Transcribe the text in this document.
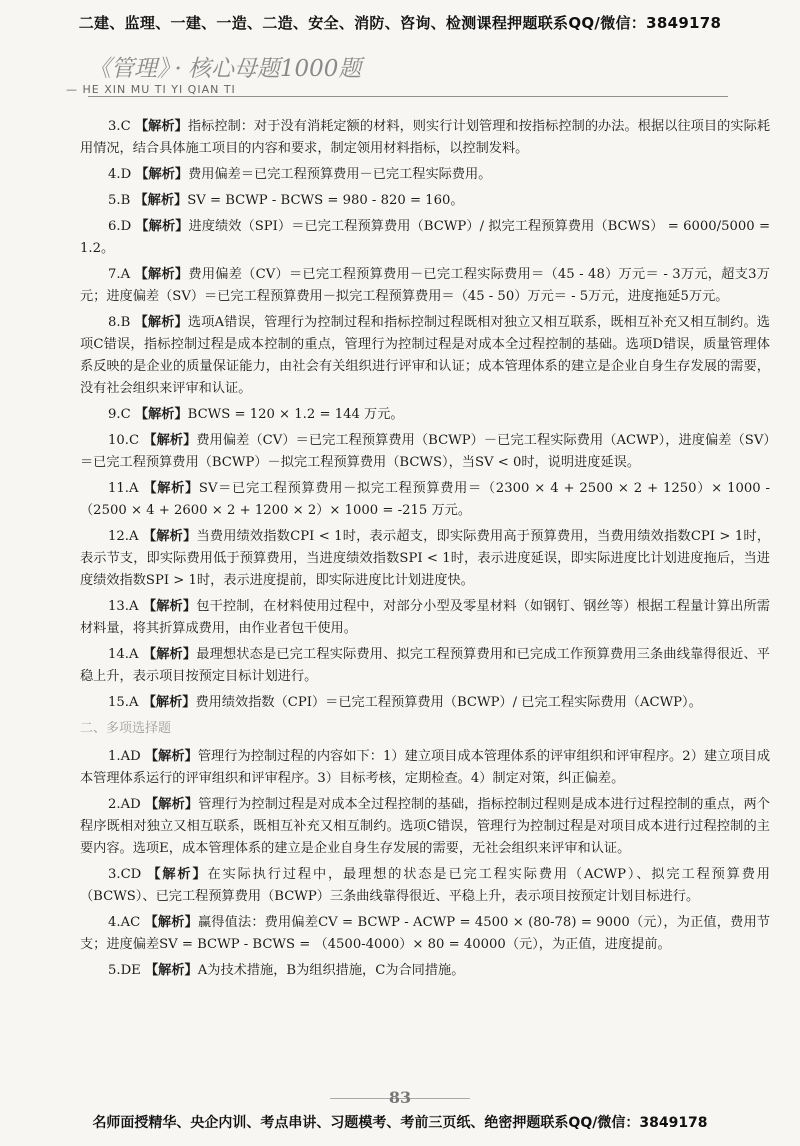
二建、监理、一建、一造、二造、安全、消防、咨询、检测课程押题联系QQ/微信：3849178
《管理》 · 核心母题1000题
— HE XIN MU TI YI QIAN TI

3.C 【解析】指标控制：对于没有消耗定额的材料，则实行计划管理和按指标控制的办法。根据以往项目的实际耗用情况，结合具体施工项目的内容和要求，制定领用材料指标，以控制发料。

4.D 【解析】费用偏差＝已完工程预算费用－已完工程实际费用。

5.B 【解析】SV = BCWP - BCWS = 980 - 820 = 160。

6.D 【解析】进度绩效（SPI）＝已完工程预算费用（BCWP）/ 拟完工程预算费用（BCWS） = 6000/5000 = 1.2。

7.A 【解析】费用偏差（CV）＝已完工程预算费用－已完工程实际费用＝（45 - 48）万元＝ - 3万元，超支3万元；进度偏差（SV）＝已完工程预算费用－拟完工程预算费用＝（45 - 50）万元＝ - 5万元，进度拖延5万元。

8.B 【解析】选项A错误，管理行为控制过程和指标控制过程既相对独立又相互联系，既相互补充又相互制约。选项C错误，指标控制过程是成本控制的重点，管理行为控制过程是对成本全过程控制的基础。选项D错误，质量管理体系反映的是企业的质量保证能力，由社会有关组织进行评审和认证；成本管理体系的建立是企业自身生存发展的需要，没有社会组织来评审和认证。

9.C 【解析】BCWS = 120 × 1.2 = 144 万元。

10.C 【解析】费用偏差（CV）＝已完工程预算费用（BCWP）－已完工程实际费用（ACWP），进度偏差（SV）＝已完工程预算费用（BCWP）－拟完工程预算费用（BCWS），当SV < 0时，说明进度延误。

11.A 【解析】SV＝已完工程预算费用－拟完工程预算费用＝（2300 × 4 + 2500 × 2 + 1250）× 1000 - （2500 × 4 + 2600 × 2 + 1200 × 2）× 1000 = -215 万元。

12.A 【解析】当费用绩效指数CPI < 1时，表示超支，即实际费用高于预算费用，当费用绩效指数CPI > 1时，表示节支，即实际费用低于预算费用，当进度绩效指数SPI < 1时，表示进度延误，即实际进度比计划进度拖后，当进度绩效指数SPI > 1时，表示进度提前，即实际进度比计划进度快。

13.A 【解析】包干控制，在材料使用过程中，对部分小型及零星材料（如钢钉、钢丝等）根据工程量计算出所需材料量，将其折算成费用，由作业者包干使用。

14.A 【解析】最理想状态是已完工程实际费用、拟完工程预算费用和已完成工作预算费用三条曲线靠得很近、平稳上升，表示项目按预定目标计划进行。

15.A 【解析】费用绩效指数（CPI）＝已完工程预算费用（BCWP）/ 已完工程实际费用（ACWP）。

二、多项选择题

1.AD 【解析】管理行为控制过程的内容如下：1）建立项目成本管理体系的评审组织和评审程序。2）建立项目成本管理体系运行的评审组织和评审程序。3）目标考核，定期检查。4）制定对策，纠正偏差。

2.AD 【解析】管理行为控制过程是对成本全过程控制的基础，指标控制过程则是成本进行过程控制的重点，两个程序既相对独立又相互联系，既相互补充又相互制约。选项C错误，管理行为控制过程是对项目成本进行过程控制的主要内容。选项E，成本管理体系的建立是企业自身生存发展的需要，无社会组织来评审和认证。

3.CD 【解析】在实际执行过程中，最理想的状态是已完工程实际费用（ACWP）、拟完工程预算费用（BCWS）、已完工程预算费用（BCWP）三条曲线靠得很近、平稳上升，表示项目按预定计划目标进行。

4.AC 【解析】赢得值法：费用偏差CV = BCWP - ACWP = 4500 × (80-78) = 9000（元），为正值，费用节支；进度偏差SV = BCWP - BCWS = （4500-4000）× 80 = 40000（元），为正值，进度提前。

5.DE 【解析】A为技术措施，B为组织措施，C为合同措施。

83
名师面授精华、央企内训、考点串讲、习题模考、考前三页纸、绝密押题联系QQ/微信：3849178
